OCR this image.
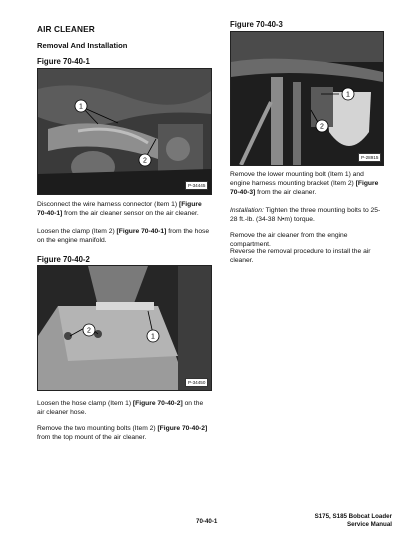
AIR CLEANER
Removal And Installation
Figure 70-40-1
P-34445
1
2
Disconnect the wire harness connector (Item 1) [Figure 70-40-1] from the air cleaner sensor on the air cleaner.
Loosen the clamp (Item 2) [Figure 70-40-1] from the hose on the engine manifold.
Figure 70-40-2
P-34450
2
1
Loosen the hose clamp (Item 1) [Figure 70-40-2] on the air cleaner hose.
Remove the two mounting bolts (Item 2) [Figure 70-40-2] from the top mount of the air cleaner.
Figure 70-40-3
P-28915
1
2
Remove the lower mounting bolt (Item 1) and engine harness mounting bracket (Item 2) [Figure 70-40-3] from the air cleaner.
Installation: Tighten the three mounting bolts to 25-28 ft.-lb. (34-38 N•m) torque.
Remove the air cleaner from the engine compartment.
Reverse the removal procedure to install the air cleaner.
70-40-1
S175, S185 Bobcat Loader
Service Manual
